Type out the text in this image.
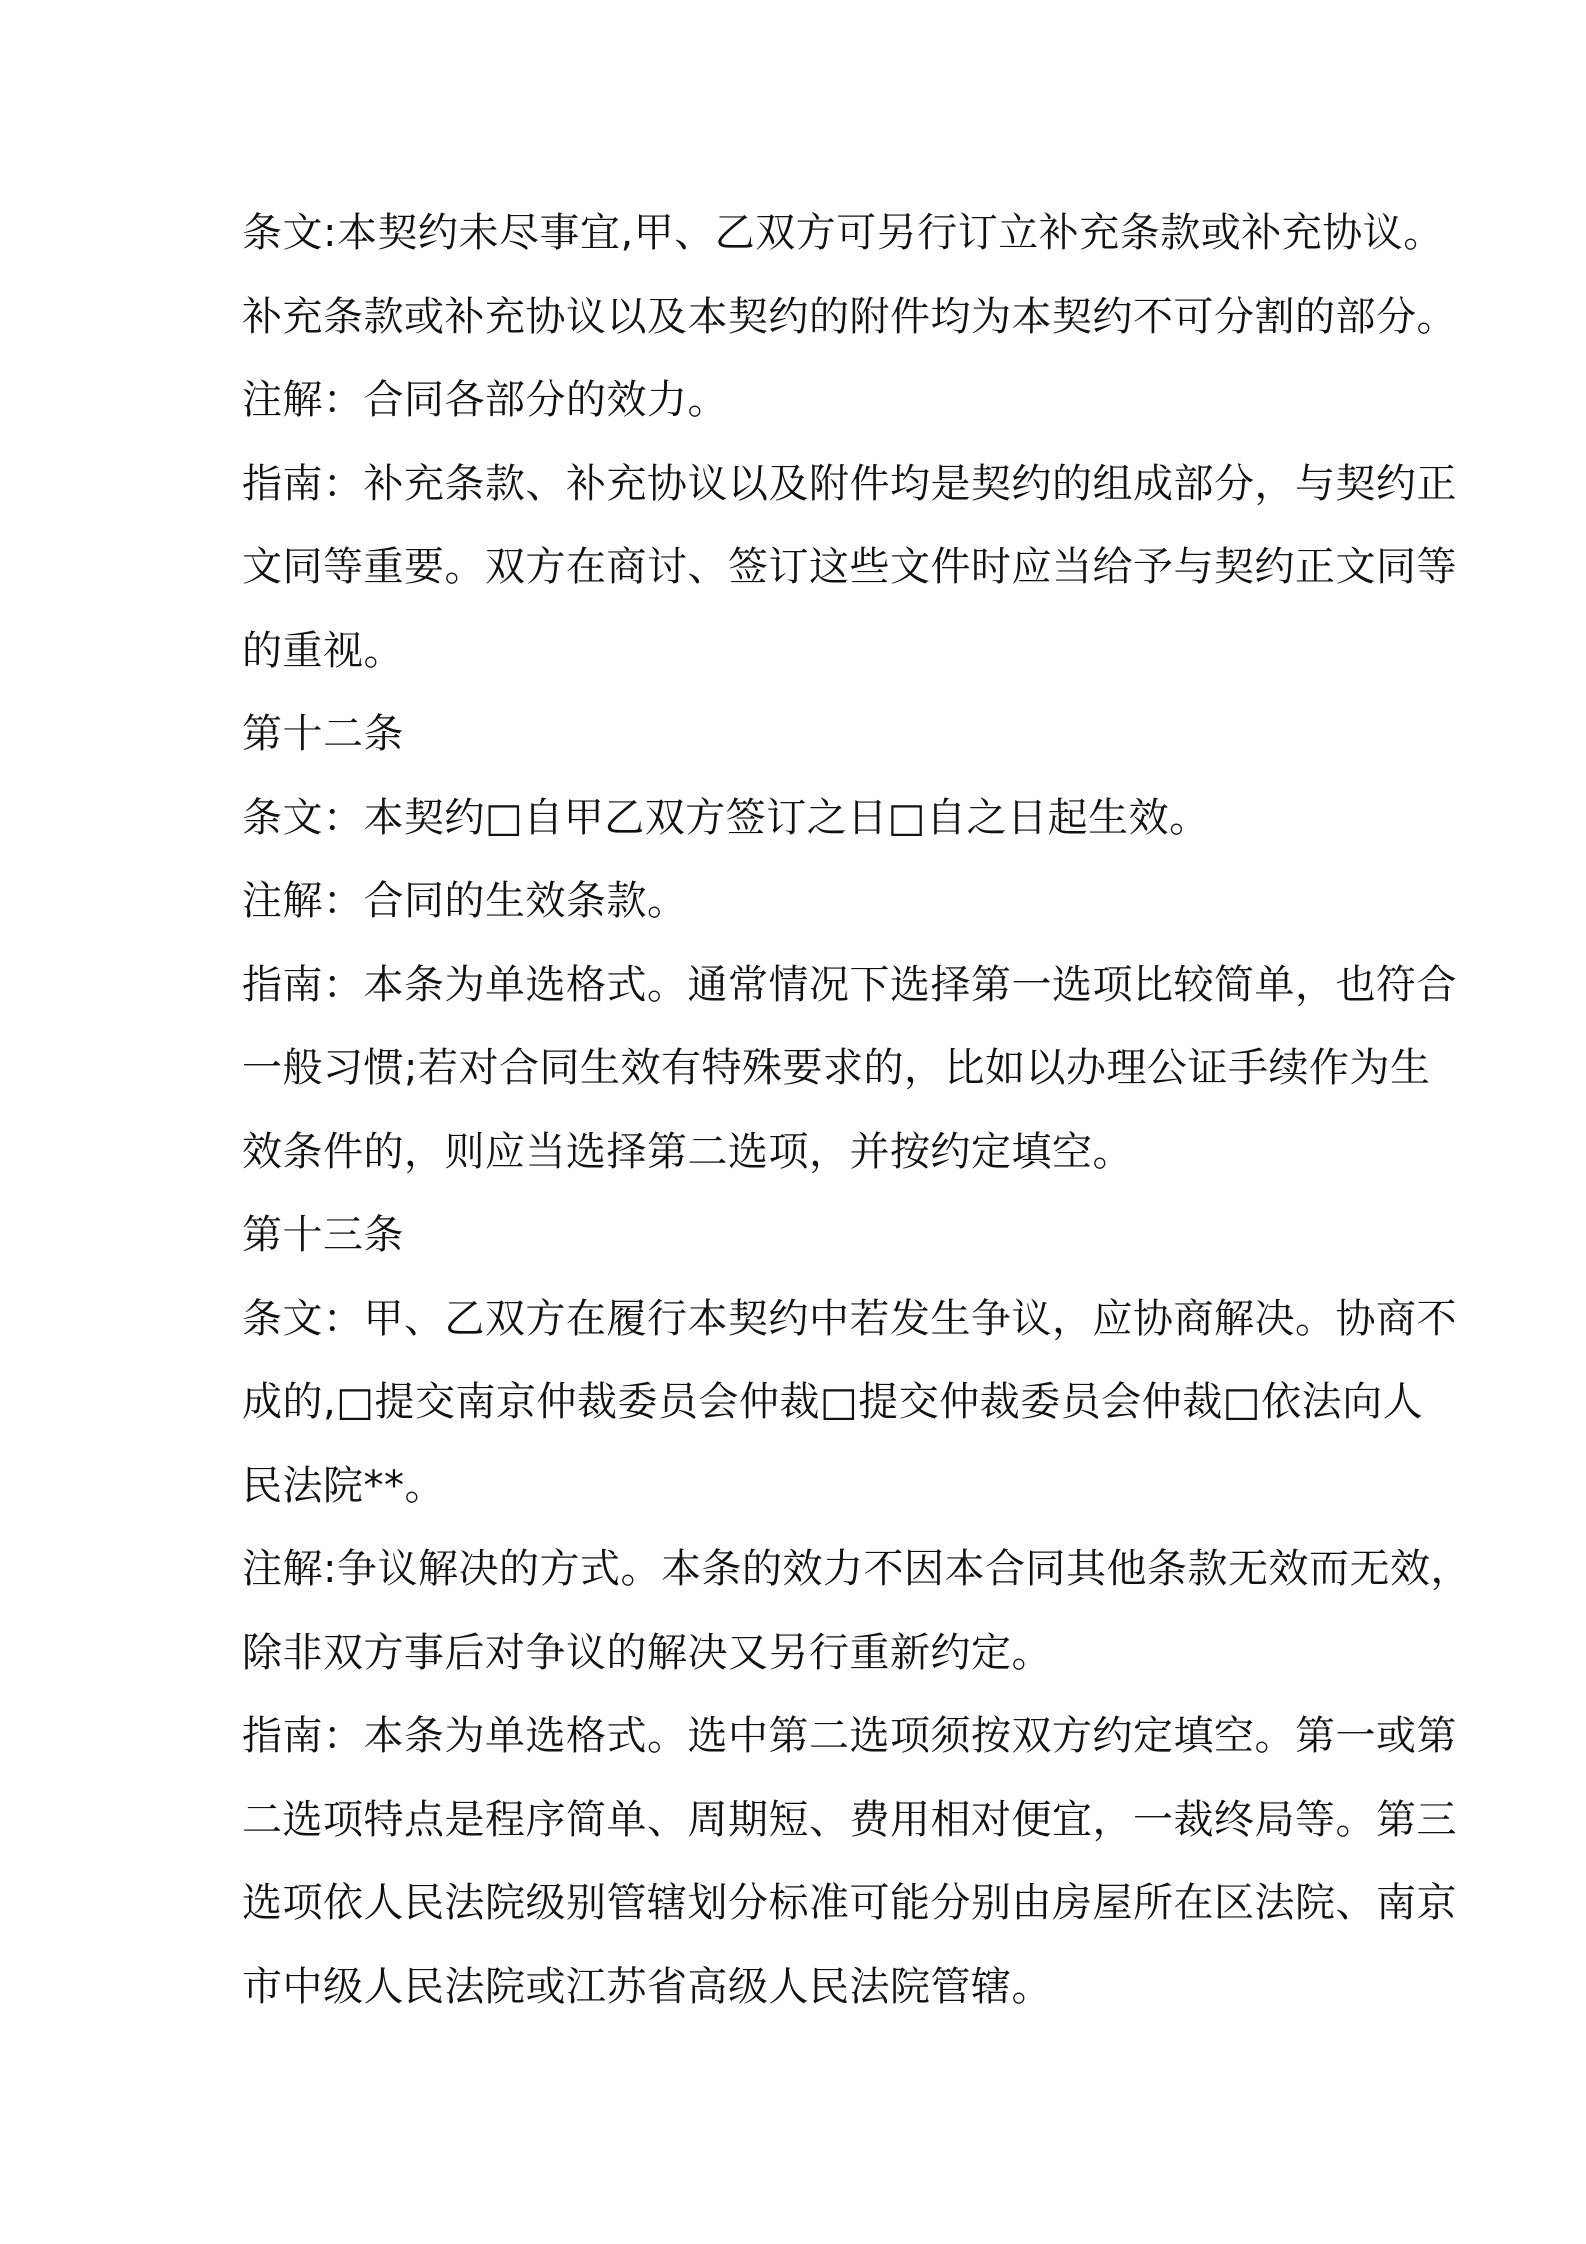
条文:本契约未尽事宜,甲、乙双方可另行订立补充条款或补充协议。
补充条款或补充协议以及本契约的附件均为本契约不可分割的部分。
注解：合同各部分的效力。
指南：补充条款、补充协议以及附件均是契约的组成部分，与契约正
文同等重要。双方在商讨、签订这些文件时应当给予与契约正文同等
的重视。
第十二条
条文：本契约□自甲乙双方签订之日□自之日起生效。
注解：合同的生效条款。
指南：本条为单选格式。通常情况下选择第一选项比较简单，也符合
一般习惯;若对合同生效有特殊要求的，比如以办理公证手续作为生
效条件的，则应当选择第二选项，并按约定填空。
第十三条
条文：甲、乙双方在履行本契约中若发生争议，应协商解决。协商不
成的,□提交南京仲裁委员会仲裁□提交仲裁委员会仲裁□依法向人
民法院**。
注解:争议解决的方式。本条的效力不因本合同其他条款无效而无效，
除非双方事后对争议的解决又另行重新约定。
指南：本条为单选格式。选中第二选项须按双方约定填空。第一或第
二选项特点是程序简单、周期短、费用相对便宜，一裁终局等。第三
选项依人民法院级别管辖划分标准可能分别由房屋所在区法院、南京
市中级人民法院或江苏省高级人民法院管辖。
